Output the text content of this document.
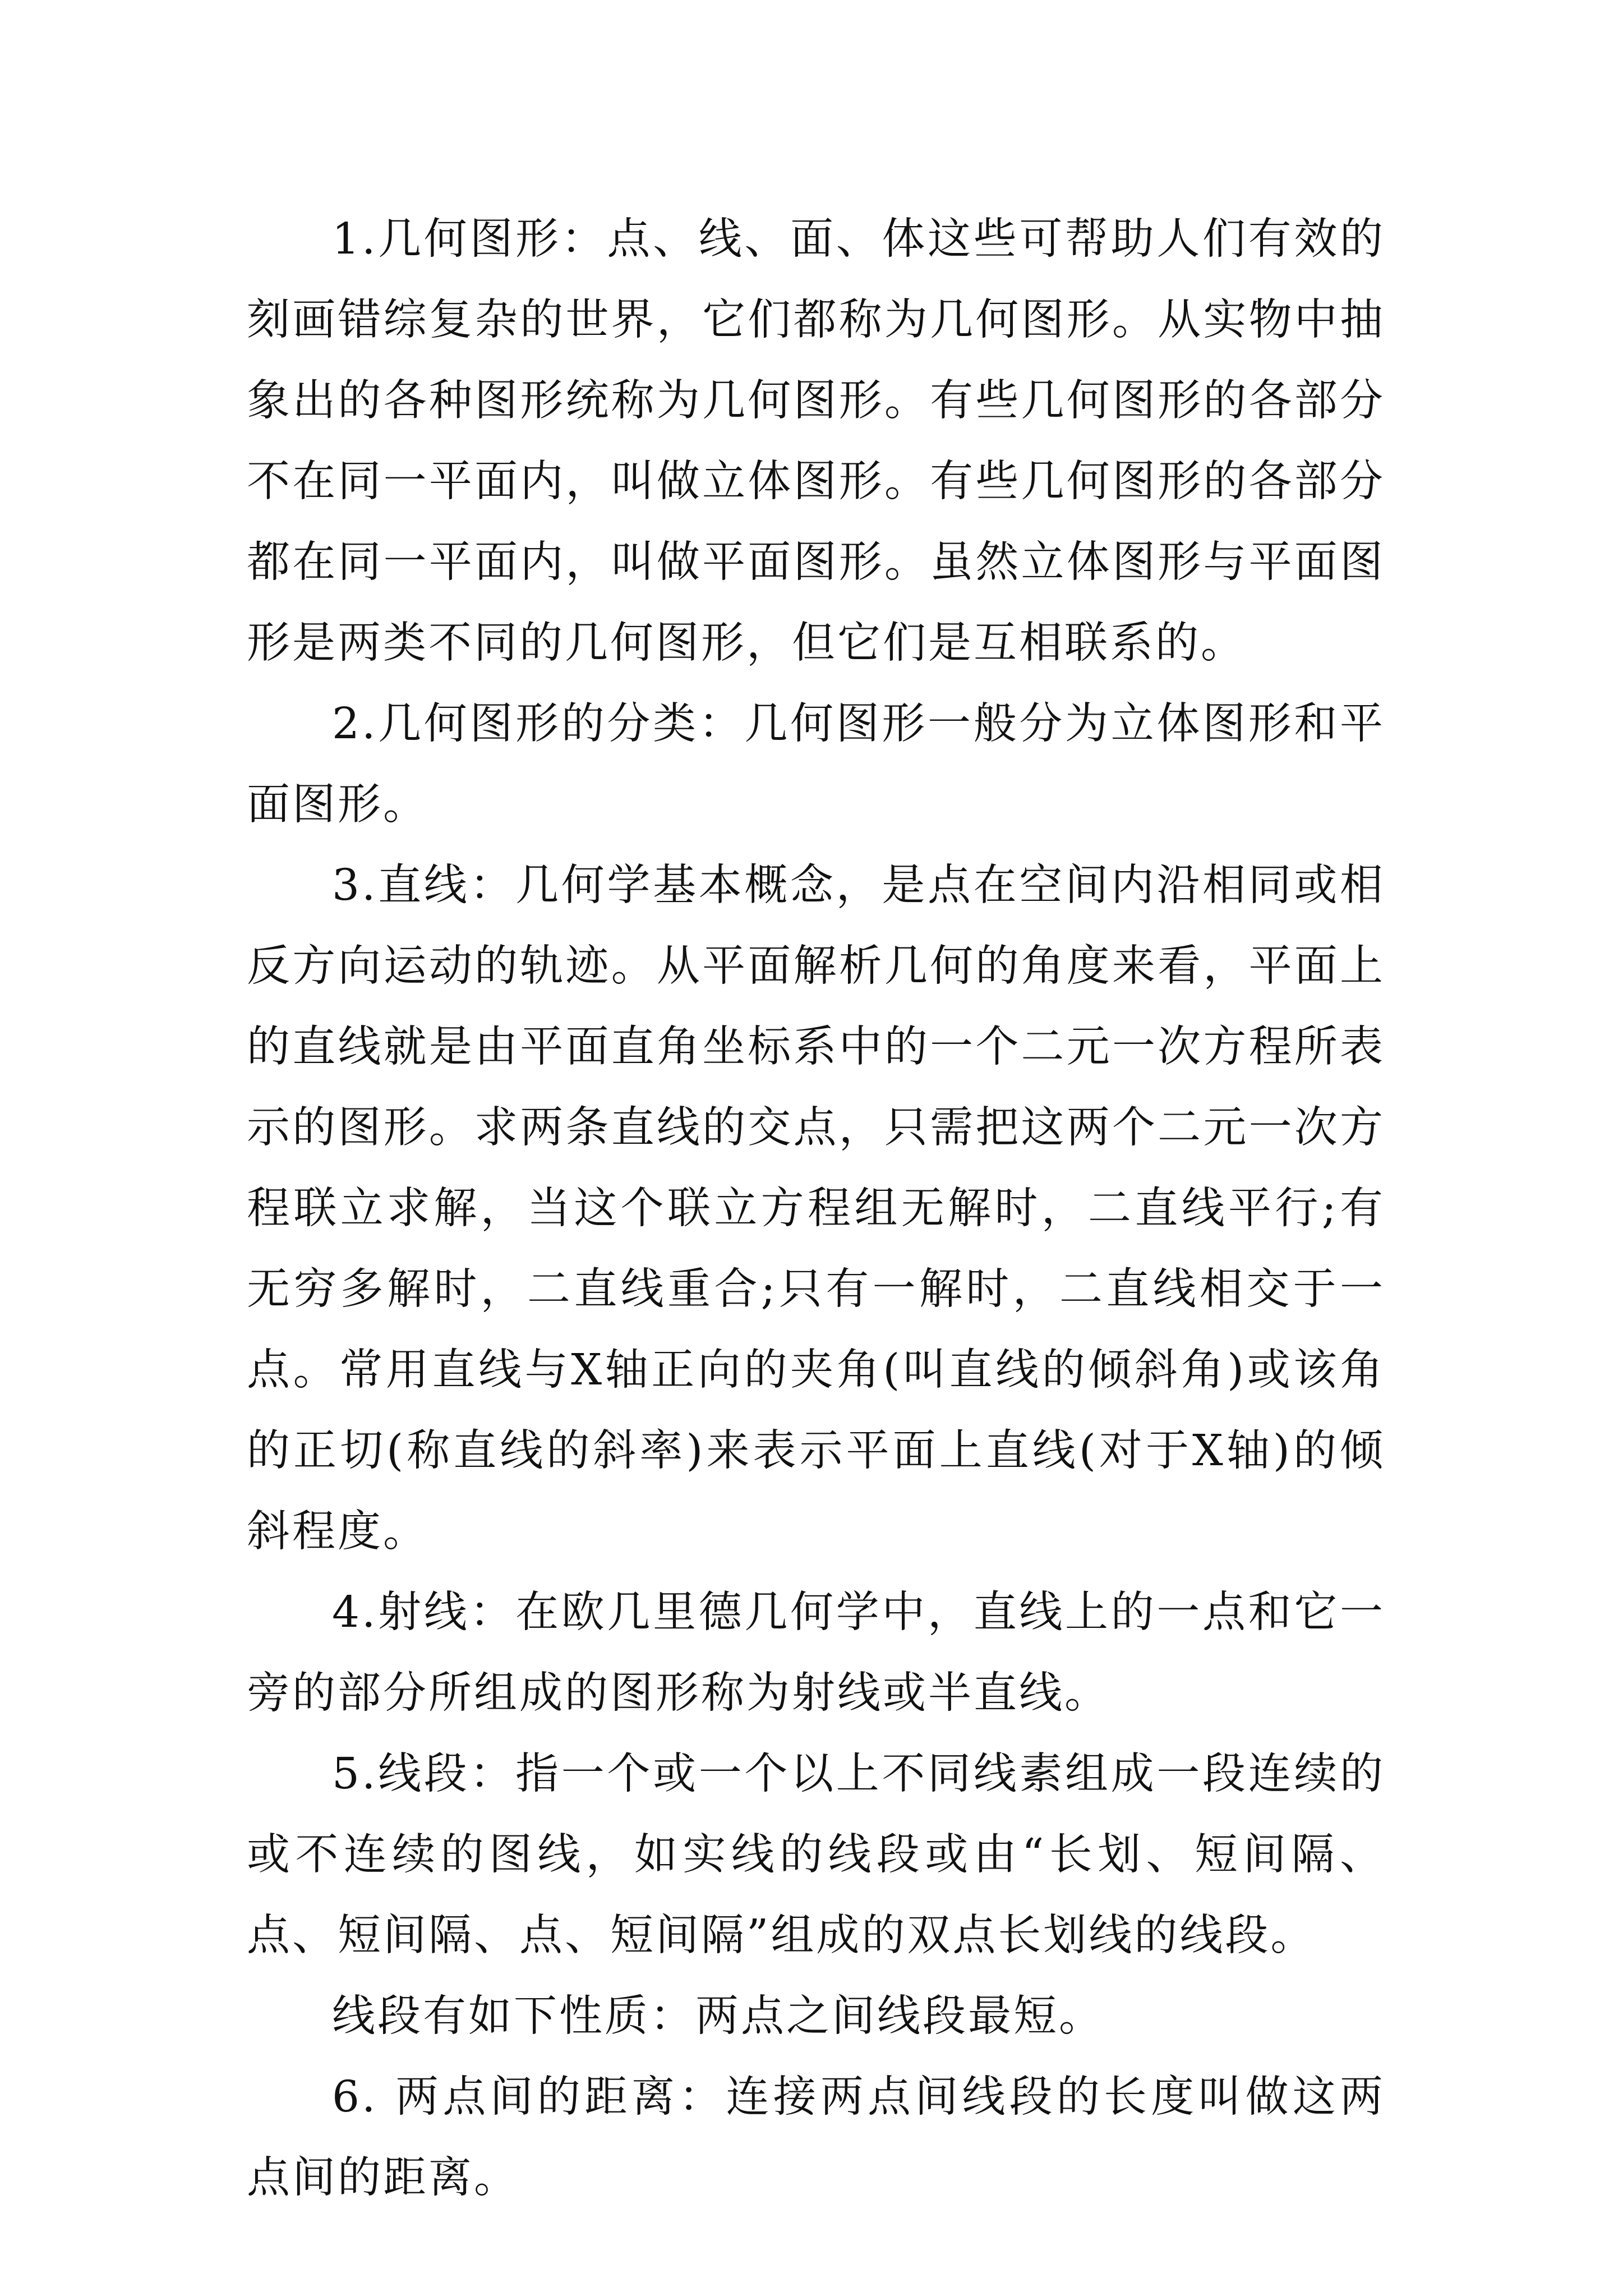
1.几何图形：点、线、面、体这些可帮助人们有效的刻画错综复杂的世界，它们都称为几何图形。从实物中抽象出的各种图形统称为几何图形。有些几何图形的各部分不在同一平面内，叫做立体图形。有些几何图形的各部分都在同一平面内，叫做平面图形。虽然立体图形与平面图形是两类不同的几何图形，但它们是互相联系的。

2.几何图形的分类：几何图形一般分为立体图形和平面图形。

3.直线：几何学基本概念，是点在空间内沿相同或相反方向运动的轨迹。从平面解析几何的角度来看，平面上的直线就是由平面直角坐标系中的一个二元一次方程所表示的图形。求两条直线的交点，只需把这两个二元一次方程联立求解，当这个联立方程组无解时，二直线平行;有无穷多解时，二直线重合;只有一解时，二直线相交于一点。常用直线与X轴正向的夹角(叫直线的倾斜角)或该角的正切(称直线的斜率)来表示平面上直线(对于X轴)的倾斜程度。

4.射线：在欧几里德几何学中，直线上的一点和它一旁的部分所组成的图形称为射线或半直线。

5.线段：指一个或一个以上不同线素组成一段连续的或不连续的图线，如实线的线段或由“长划、短间隔、点、短间隔、点、短间隔”组成的双点长划线的线段。

线段有如下性质：两点之间线段最短。

6. 两点间的距离：连接两点间线段的长度叫做这两点间的距离。
